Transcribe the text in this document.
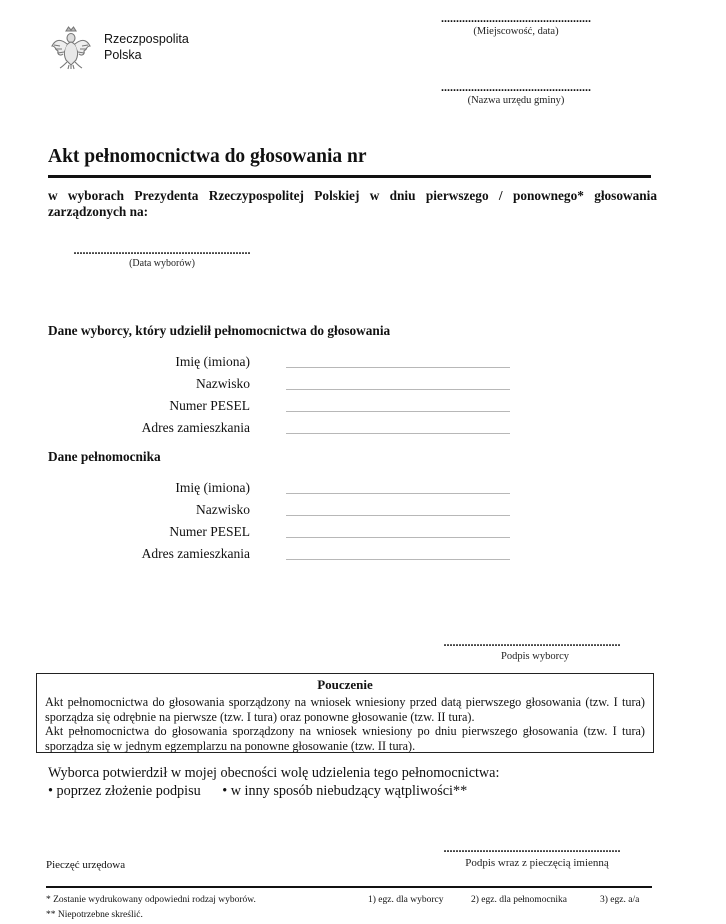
Rzeczpospolita
Polska
..................................................
(Miejscowość, data)
..................................................
(Nazwa urzędu gminy)
Akt pełnomocnictwa do głosowania nr
w wyborach Prezydenta Rzeczypospolitej Polskiej w dniu pierwszego / ponownego* głosowania zarządzonych na:
...........................................................
(Data wyborów)
Dane wyborcy, który udzielił pełnomocnictwa do głosowania
Imię (imiona)	................................................................................................................
Nazwisko	................................................................................................................
Numer PESEL	................................................................................................................
Adres zamieszkania	................................................................................................................
Dane pełnomocnika
Imię (imiona)	................................................................................................................
Nazwisko	................................................................................................................
Numer PESEL	................................................................................................................
Adres zamieszkania	................................................................................................................
...........................................................
Podpis wyborcy
Pouczenie

Akt pełnomocnictwa do głosowania sporządzony na wniosek wniesiony przed datą pierwszego głosowania (tzw. I tura) sporządza się odrębnie na pierwsze (tzw. I tura) oraz ponowne głosowanie (tzw. II tura).

Akt pełnomocnictwa do głosowania sporządzony na wniosek wniesiony po dniu pierwszego głosowania (tzw. I tura) sporządza się w jednym egzemplarzu na ponowne głosowanie (tzw. II tura).

Wyborca potwierdził w mojej obecności wolę udzielenia tego pełnomocnictwa:
• poprzez złożenie podpisu • w inny sposób niebudzący wątpliwości**
Pieczęć urzędowa
...........................................................
Podpis wraz z pieczęcią imienną
* Zostanie wydrukowany odpowiedni rodzaj wyborów.	1) egz. dla wyborcy	2) egz. dla pełnomocnika	3) egz. a/a
** Niepotrzebne skreślić.
